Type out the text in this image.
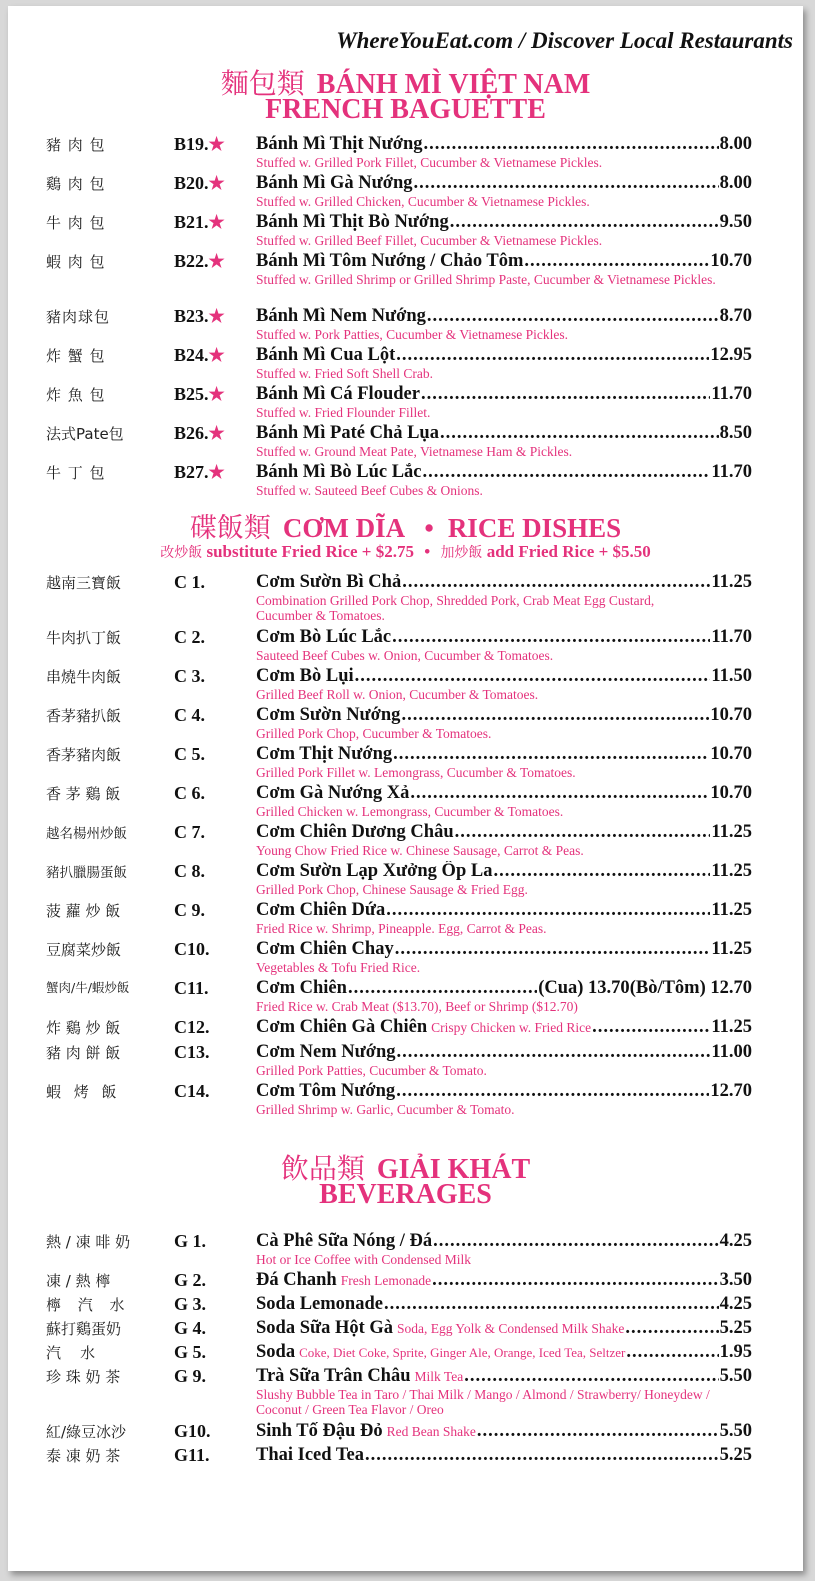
WhereYouEat.com / Discover Local Restaurants
麵包類 BÁNH MÌ VIỆT NAM
FRENCH BAGUETTE
豬 肉 包	B19.★ Bánh Mì Thịt Nướng .....	8.00
Stuffed w. Grilled Pork Fillet, Cucumber & Vietnamese Pickles.
鷄 肉 包	B20.★ Bánh Mì Gà Nướng .....	8.00
Stuffed w. Grilled Chicken, Cucumber & Vietnamese Pickles.
牛 肉 包	B21.★ Bánh Mì Thịt Bò Nướng .....	9.50
Stuffed w. Grilled Beef Fillet, Cucumber & Vietnamese Pickles.
蝦 肉 包	B22.★ Bánh Mì Tôm Nướng / Chảo Tôm .....	10.70
Stuffed w. Grilled Shrimp or Grilled Shrimp Paste, Cucumber & Vietnamese Pickles.
豬肉球包	B23.★ Bánh Mì Nem Nướng .....	8.70
Stuffed w. Pork Patties, Cucumber & Vietnamese Pickles.
炸 蟹 包	B24.★ Bánh Mì Cua Lột .....	12.95
Stuffed w. Fried Soft Shell Crab.
炸 魚 包	B25.★ Bánh Mì Cá Flouder .....	11.70
Stuffed w. Fried Flounder Fillet.
法式Pate包	B26.★ Bánh Mì Paté Chả Lụa .....	8.50
Stuffed w. Ground Meat Pate, Vietnamese Ham & Pickles.
牛 丁 包	B27.★ Bánh Mì Bò Lúc Lắc .....	11.70
Stuffed w. Sauteed Beef Cubes & Onions.
碟飯類 CƠM DĨA • RICE DISHES
改炒飯 substitute Fried Rice + $2.75 • 加炒飯 add Fried Rice + $5.50
越南三寶飯	C 1.	Cơm Sườn Bì Chả .....	11.25
Combination Grilled Pork Chop, Shredded Pork, Crab Meat Egg Custard, Cucumber & Tomatoes.
牛肉扒丁飯	C 2.	Cơm Bò Lúc Lắc .....	11.70
Sauteed Beef Cubes w. Onion, Cucumber & Tomatoes.
串燒牛肉飯	C 3.	Cơm Bò Lụi .....	11.50
Grilled Beef Roll w. Onion, Cucumber & Tomatoes.
香茅豬扒飯	C 4.	Cơm Sườn Nướng .....	10.70
Grilled Pork Chop, Cucumber & Tomatoes.
香茅豬肉飯	C 5.	Cơm Thịt Nướng .....	10.70
Grilled Pork Fillet w. Lemongrass, Cucumber & Tomatoes.
香 茅 鷄 飯	C 6.	Cơm Gà Nướng Xả .....	10.70
Grilled Chicken w. Lemongrass, Cucumber & Tomatoes.
越名楊州炒飯	C 7.	Cơm Chiên Dương Châu .....	11.25
Young Chow Fried Rice w. Chinese Sausage, Carrot & Peas.
豬扒臘腸蛋飯	C 8.	Cơm Sườn Lạp Xưởng Ốp La .....	11.25
Grilled Pork Chop, Chinese Sausage & Fried Egg.
菠 蘿 炒 飯	C 9.	Cơm Chiên Dứa .....	11.25
Fried Rice w. Shrimp, Pineapple. Egg, Carrot & Peas.
豆腐菜炒飯	C10.	Cơm Chiên Chay .....	11.25
Vegetables & Tofu Fried Rice.
蟹肉/牛/蝦炒飯	C11.	Cơm Chiên .....	(Cua) 13.70 (Bò/Tôm) 12.70
Fried Rice w. Crab Meat ($13.70), Beef or Shrimp ($12.70)
炸 鷄 炒 飯	C12.	Cơm Chiên Gà Chiên Crispy Chicken w. Fried Rice .....	11.25
豬 肉 餅 飯	C13.	Cơm Nem Nướng .....	11.00
Grilled Pork Patties, Cucumber & Tomato.
蝦 烤 飯	C14.	Cơm Tôm Nướng .....	12.70
Grilled Shrimp w. Garlic, Cucumber & Tomato.
飲品類 GIẢI KHÁT
BEVERAGES
熱 / 凍 啡 奶	G 1.	Cà Phê Sữa Nóng / Đá .....	4.25
Hot or Ice Coffee with Condensed Milk
凍 / 熱 檸	G 2.	Đá Chanh Fresh Lemonade .....	3.50
檸 汽 水	G 3.	Soda Lemonade .....	4.25
蘇打鷄蛋奶	G 4.	Soda Sữa Hột Gà Soda, Egg Yolk & Condensed Milk Shake .....	5.25
汽    水	G 5.	Soda Coke, Diet Coke, Sprite, Ginger Ale, Orange, Iced Tea, Seltzer .....	1.95
珍 珠 奶 茶	G 9.	Trà Sữa Trân Châu Milk Tea .....	5.50
Slushy Bubble Tea in Taro / Thai Milk / Mango / Almond / Strawberry/ Honeydew / Coconut / Green Tea Flavor / Oreo
紅/綠豆冰沙	G10. Sinh Tố Đậu Đỏ Red Bean Shake .....	5.50
泰 凍 奶 茶	G11.	Thai Iced Tea .....	5.25
